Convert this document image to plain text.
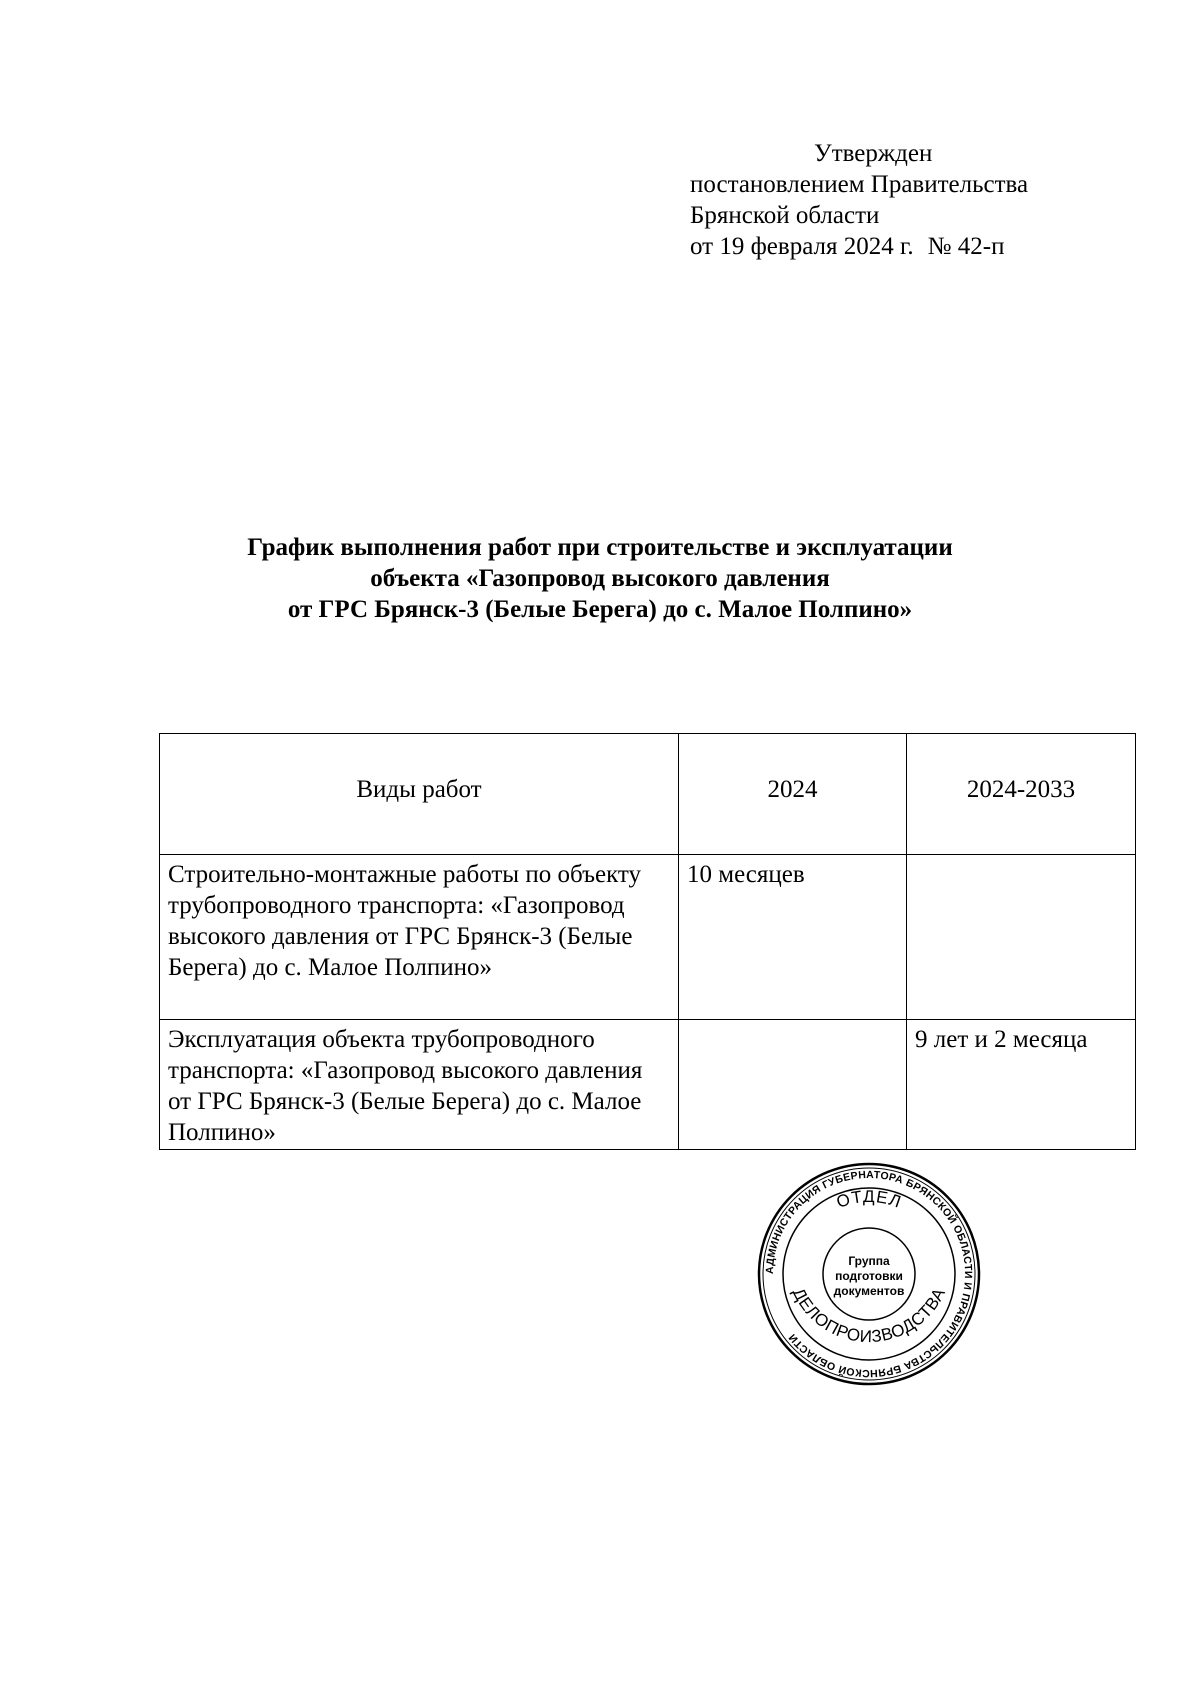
Утвержден
постановлением Правительства
Брянской области
от 19 февраля 2024 г. № 42-п
График выполнения работ при строительстве и эксплуатации
объекта «Газопровод высокого давления
от ГРС Брянск-3 (Белые Берега) до с. Малое Полпино»
Виды работ	2024	2024-2033
Строительно-монтажные работы по объекту трубопроводного транспорта: «Газопровод высокого давления от ГРС Брянск-3 (Белые Берега) до с. Малое Полпино»	10 месяцев	
Эксплуатация объекта трубопроводного транспорта: «Газопровод высокого давления от ГРС Брянск-3 (Белые Берега) до с. Малое Полпино»		9 лет и 2 месяца
АДМИНИСТРАЦИЯ ГУБЕРНАТОРА БРЯНСКОЙ ОБЛАСТИ И ПРАВИТЕЛЬСТВА БРЯНСКОЙ ОБЛАСТИ
ОТДЕЛ
ДЕЛОПРОИЗВОДСТВА
Группа
подготовки
документов
